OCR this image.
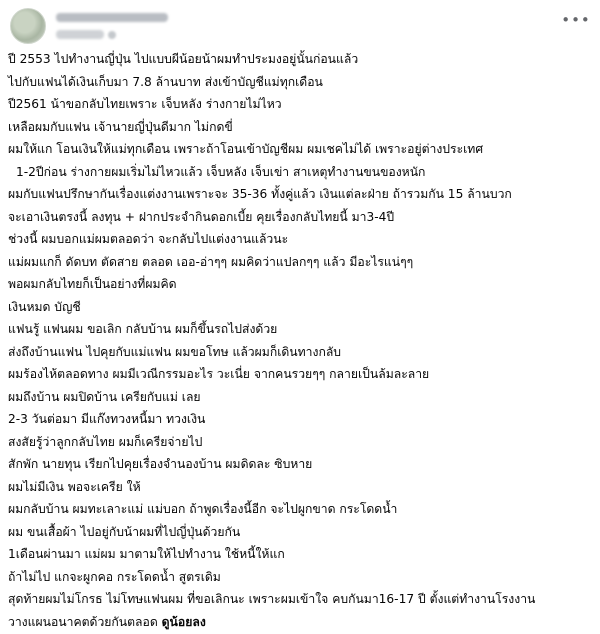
•••
ปี 2553 ไปทำงานญี่ปุ่น ไปแบบผีน้อยน้าผมทำประมงอยู่นั้นก่อนแล้ว
ไปกับแฟนได้เงินเก็บมา 7.8 ล้านบาท ส่งเข้าบัญชีแม่ทุกเดือน
ปี2561 น้าขอกลับไทยเพราะ เจ็บหลัง ร่างกายไม่ไหว
เหลือผมกับแฟน เจ้านายญี่ปุ่นดีมาก ไม่กดขี่
ผมให้แก โอนเงินให้แม่ทุกเดือน เพราะถ้าโอนเข้าบัญชีผม ผมเชคไม่ได้ เพราะอยู่ต่างประเทศ
1-2ปีก่อน ร่างกายผมเริ่มไม่ไหวแล้ว เจ็บหลัง เจ็บเข่า สาเหตุทำงานขนของหนัก
ผมกับแฟนปรึกษากันเรื่องแต่งงานเพราะจะ 35-36 ทั้งคู่แล้ว เงินแต่ละฝ่าย ถ้ารวมกัน 15 ล้านบวก
จะเอาเงินตรงนี้ ลงทุน + ฝากประจำกินดอกเบี้ย คุยเรื่องกลับไทยนี้ มา3-4ปี
ช่วงนี้ ผมบอกแม่ผมตลอดว่า จะกลับไปแต่งงานแล้วนะ
แม่ผมแกก็ ดัดบท ตัดสาย ตลอด เออ-อ่าๆๆ ผมคิดว่าแปลกๆๆ แล้ว มีอะไรแน่ๆๆ
พอผมกลับไทยก็เป็นอย่างที่ผมคิด
เงินหมด บัญชี
แฟนรู้ แฟนผม ขอเลิก กลับบ้าน ผมก็ขึ้นรถไปส่งด้วย
ส่งถึงบ้านแฟน ไปคุยกับแม่แฟน ผมขอโทษ แล้วผมก็เดินทางกลับ
ผมร้องไห้ตลอดทาง ผมมีเวณีกรรมอะไร วะเนี่ย จากคนรวยๆๆ กลายเป็นล้มละลาย
ผมถึงบ้าน ผมปิดบ้าน เครียกับแม่ เลย
2-3 วันต่อมา มีแก๊งทวงหนี้มา ทวงเงิน
สงสัยรู้ว่าลูกกลับไทย ผมก็เครียจ่ายไป
สักพัก นายทุน เรียกไปคุยเรื่องจำนองบ้าน ผมดิดละ ซิบหาย
ผมไม่มีเงิน พอจะเครีย ให้
ผมกลับบ้าน ผมทะเลาะแม่ แม่บอก ถ้าพูดเรื่องนี้อีก จะไปผูกขาด กระโดดน้ำ
ผม ขนเสื้อผ้า ไปอยู่กับน้าผมที่ไปญี่ปุ่นด้วยกัน
1เดือนผ่านมา แม่ผม มาตามให้ไปทำงาน ใช้หนี้ให้แก
ถ้าไม่ไป แกจะผูกคอ กระโดดน้ำ สูตรเดิม
สุดท้ายผมไม่โกรธ ไม่โทษแฟนผม ที่ขอเลิกนะ เพราะผมเข้าใจ คบกันมา16-17 ปี ตั้งแต่ทำงานโรงงาน
วางแผนอนาคตด้วยกันตลอด ดูน้อยลง
